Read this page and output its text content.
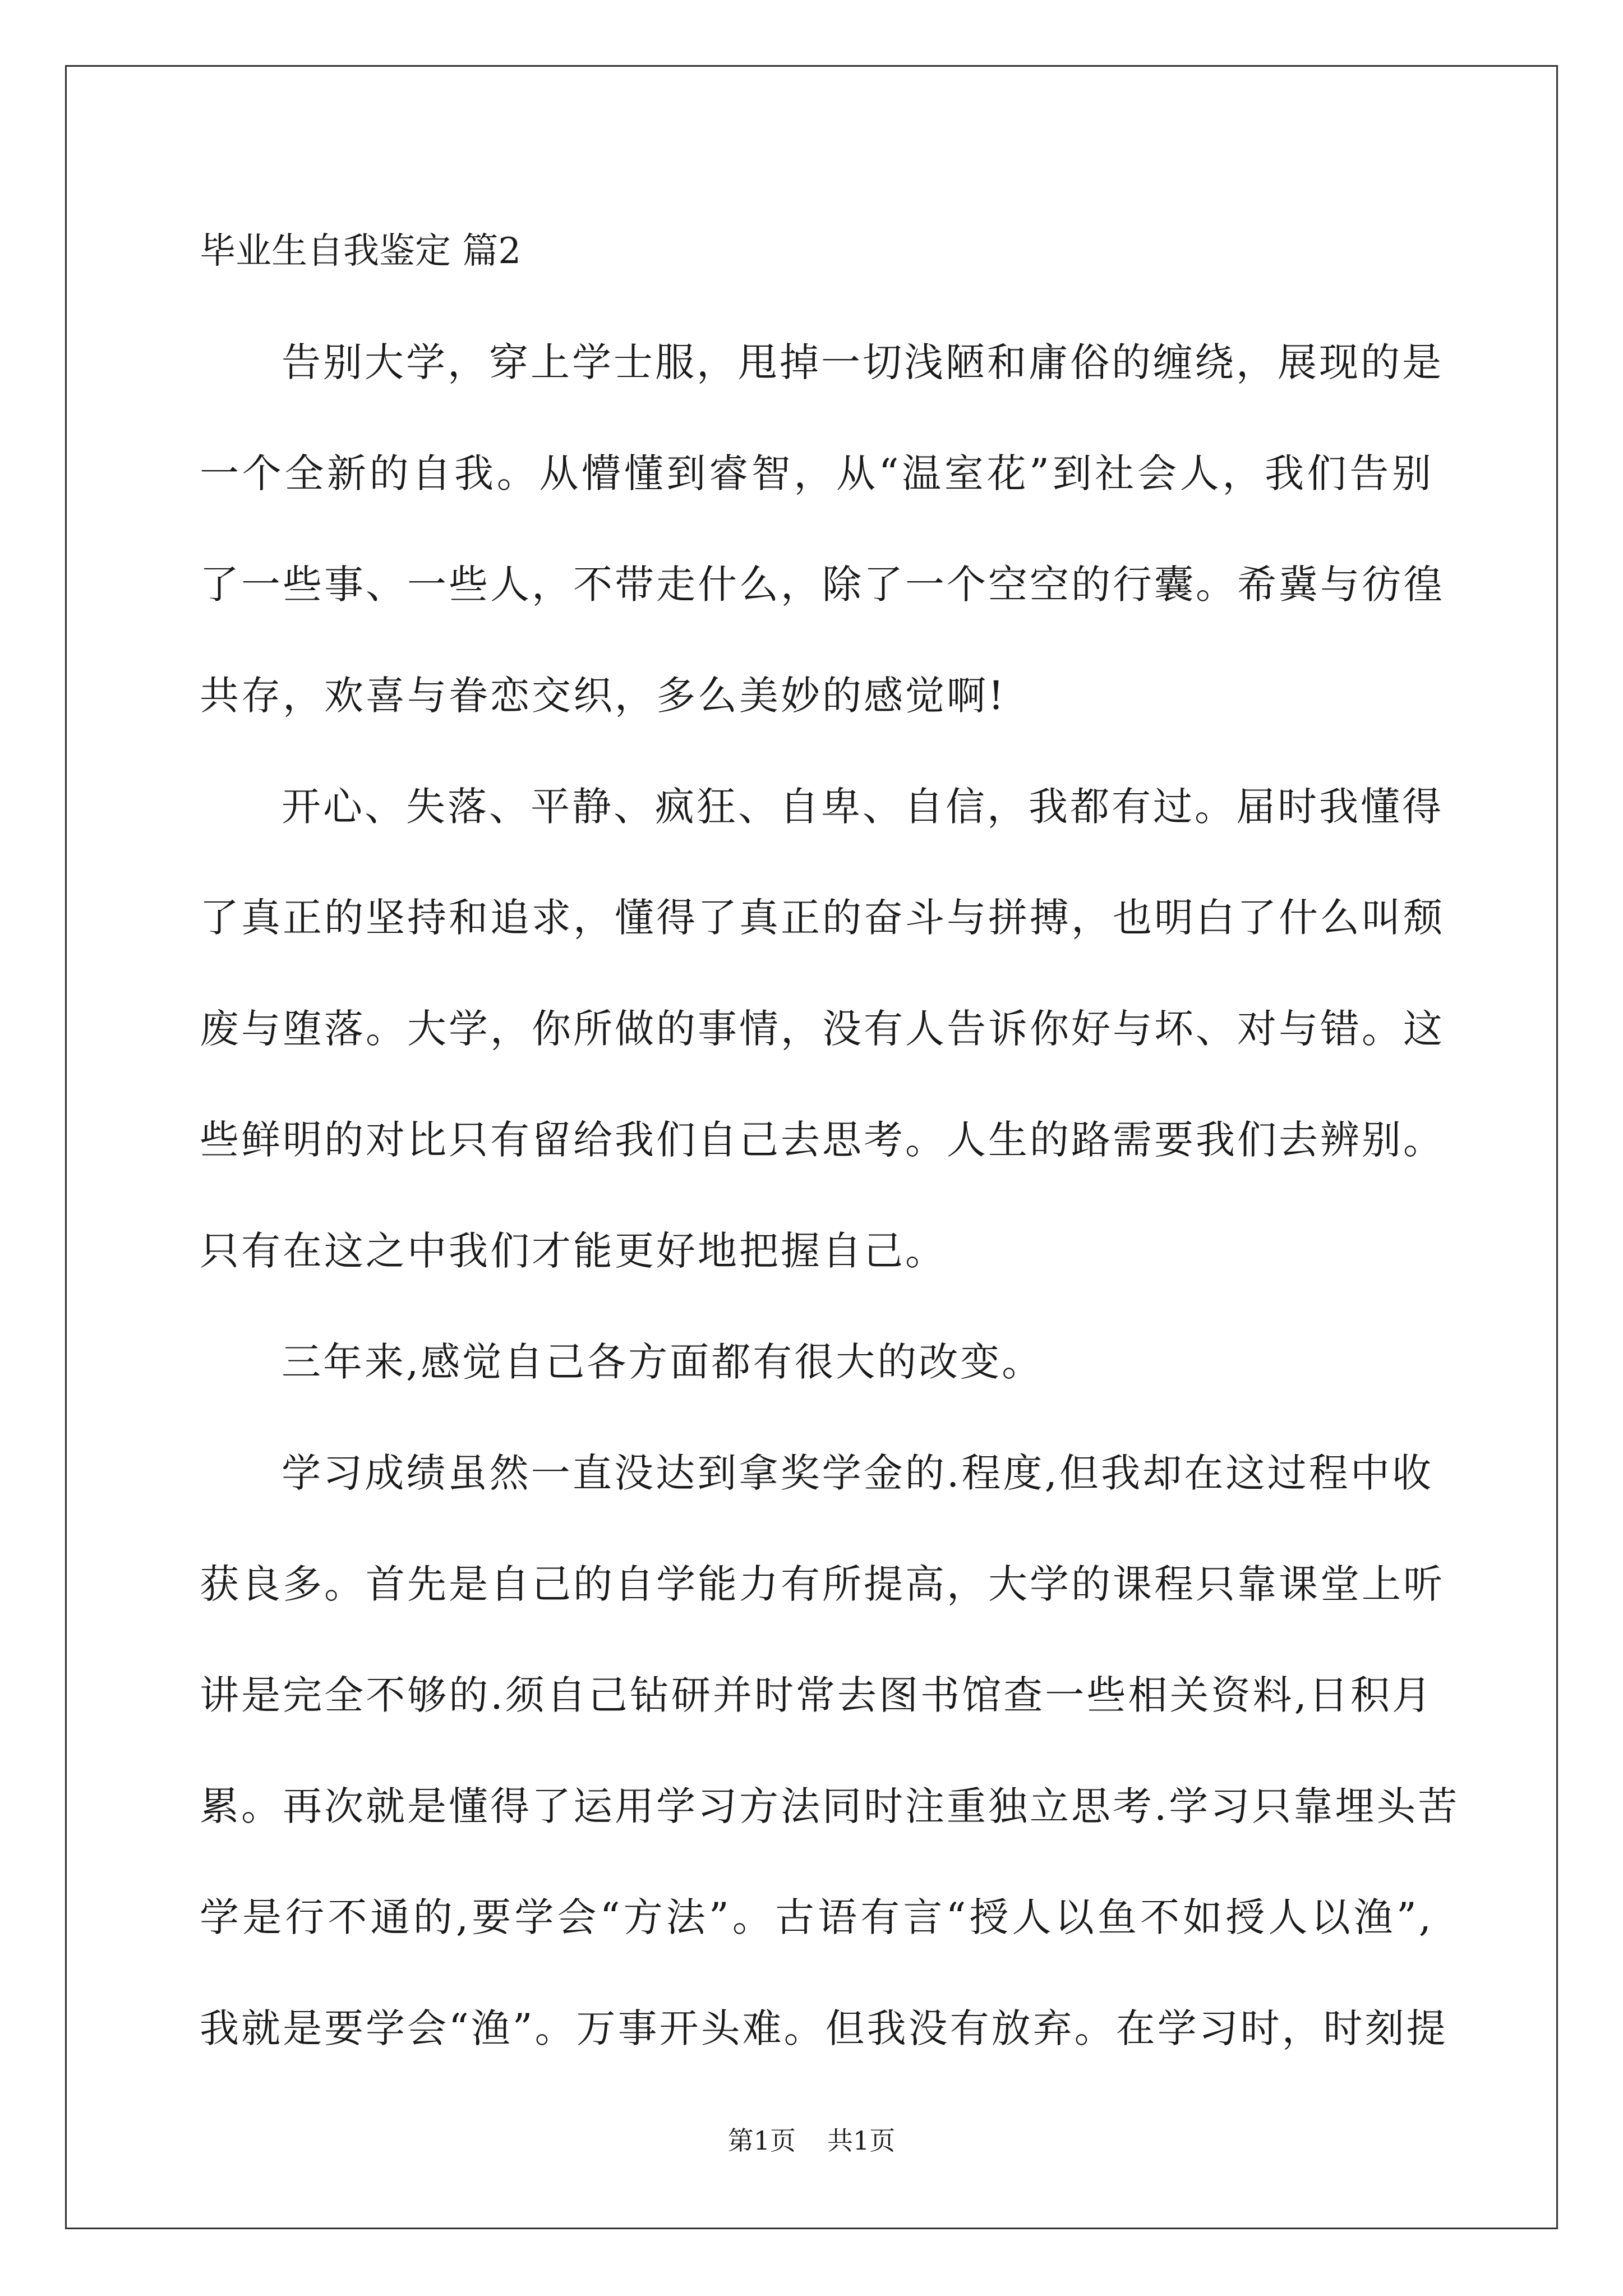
毕业生自我鉴定 篇2

告别大学，穿上学士服，甩掉一切浅陋和庸俗的缠绕，展现的是

一个全新的自我。从懵懂到睿智，从“温室花”到社会人，我们告别

了一些事、一些人，不带走什么，除了一个空空的行囊。希冀与彷徨

共存，欢喜与眷恋交织，多么美妙的感觉啊!

开心、失落、平静、疯狂、自卑、自信，我都有过。届时我懂得

了真正的坚持和追求，懂得了真正的奋斗与拼搏，也明白了什么叫颓

废与堕落。大学，你所做的事情，没有人告诉你好与坏、对与错。这

些鲜明的对比只有留给我们自己去思考。人生的路需要我们去辨别。

只有在这之中我们才能更好地把握自己。

三年来,感觉自己各方面都有很大的改变。

学习成绩虽然一直没达到拿奖学金的.程度,但我却在这过程中收

获良多。首先是自己的自学能力有所提高，大学的课程只靠课堂上听

讲是完全不够的.须自己钻研并时常去图书馆查一些相关资料,日积月

累。再次就是懂得了运用学习方法同时注重独立思考.学习只靠埋头苦

学是行不通的,要学会“方法”。古语有言“授人以鱼不如授人以渔”,

我就是要学会“渔”。万事开头难。但我没有放弃。在学习时，时刻提

第1页 共1页
